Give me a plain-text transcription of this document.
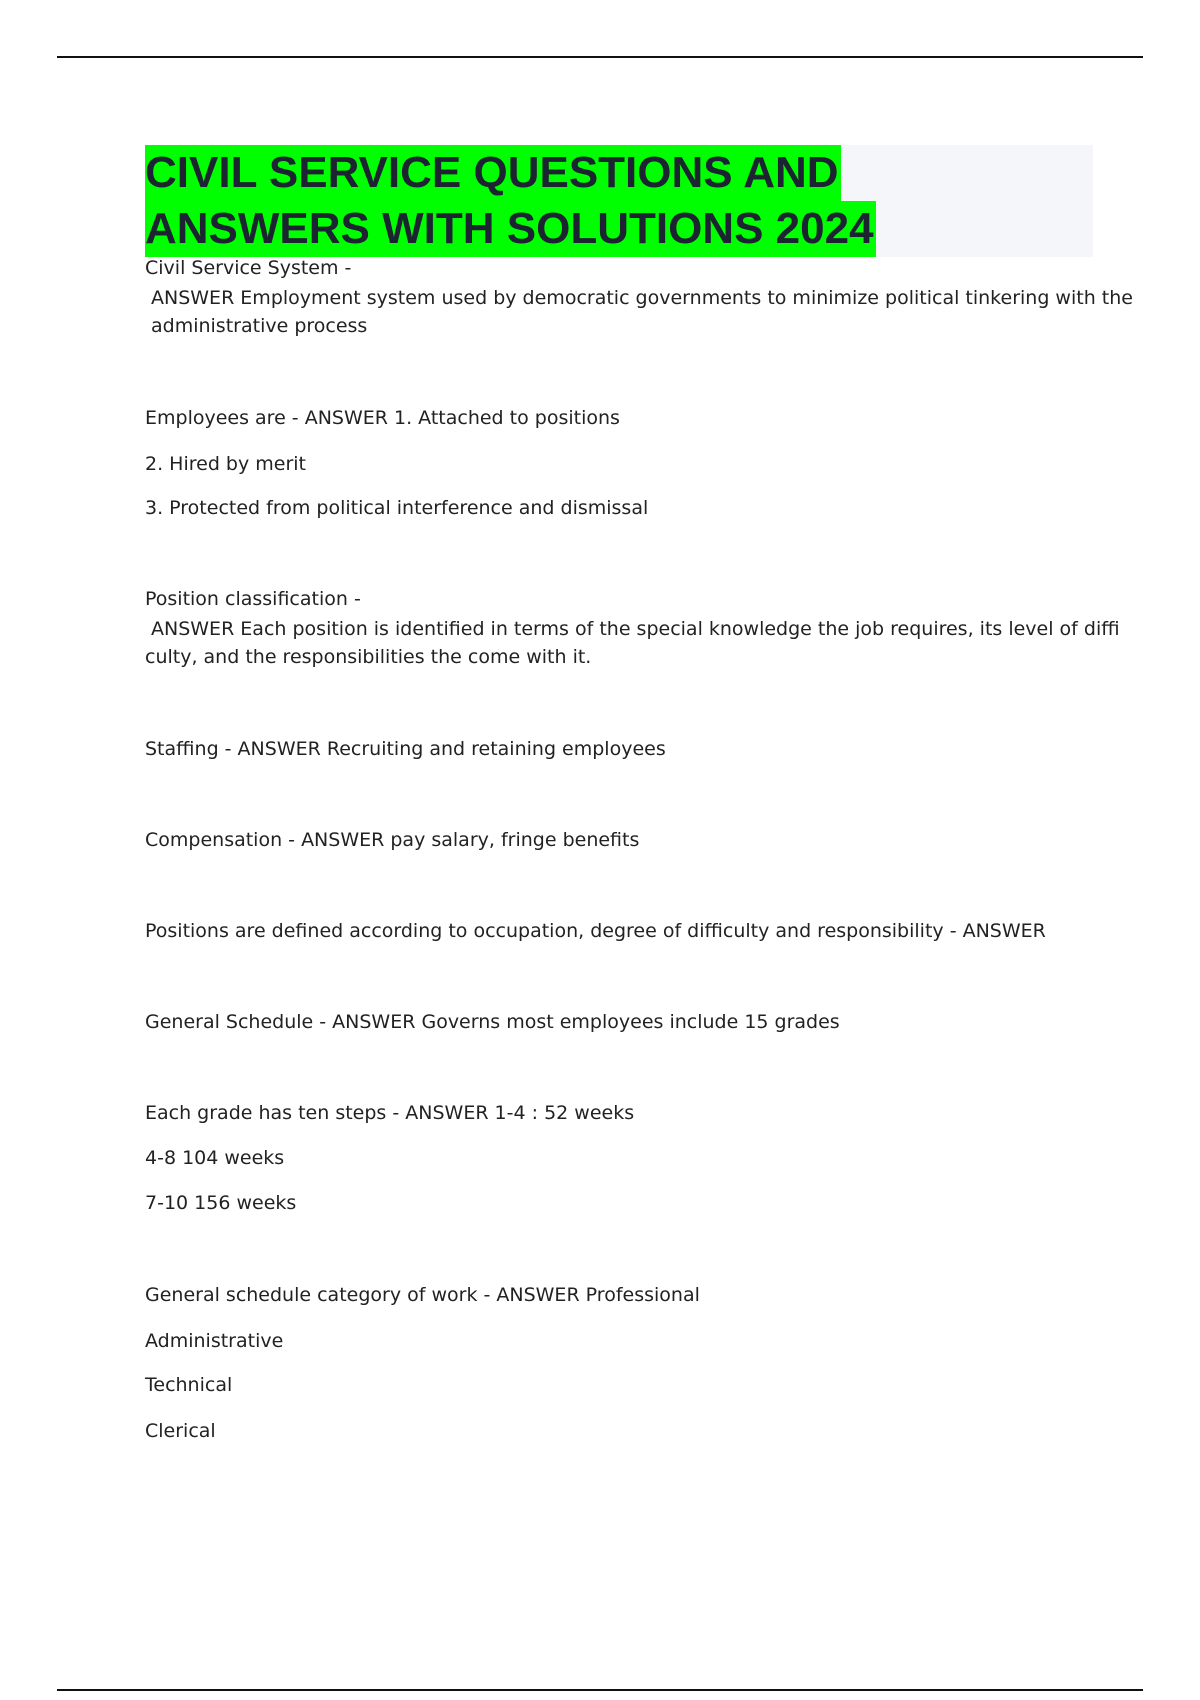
CIVIL SERVICE QUESTIONS AND
ANSWERS WITH SOLUTIONS 2024
Civil Service System -
ANSWER Employment system used by democratic governments to minimize political tinkering with the
administrative process
Employees are - ANSWER 1. Attached to positions
2. Hired by merit
3. Protected from political interference and dismissal
Position classification -
ANSWER Each position is identified in terms of the special knowledge the job requires, its level of diffi
culty, and the responsibilities the come with it.
Staffing - ANSWER Recruiting and retaining employees
Compensation - ANSWER pay salary, fringe benefits
Positions are defined according to occupation, degree of difficulty and responsibility - ANSWER
General Schedule - ANSWER Governs most employees include 15 grades
Each grade has ten steps - ANSWER 1-4 : 52 weeks
4-8 104 weeks
7-10 156 weeks
General schedule category of work - ANSWER Professional
Administrative
Technical
Clerical
